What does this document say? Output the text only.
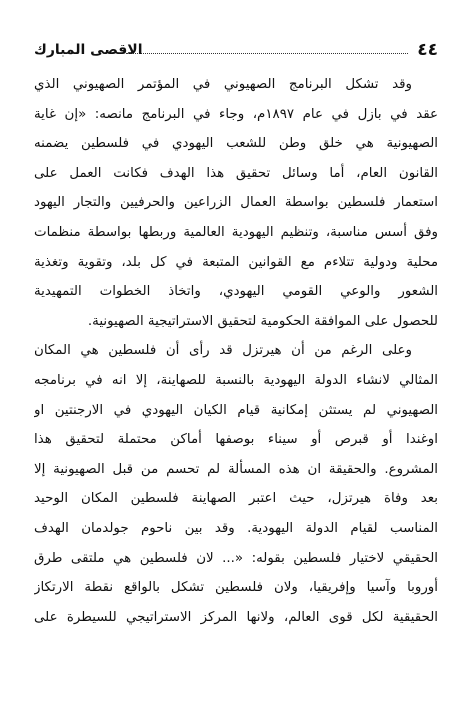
٤٤
الاقصى المبارك
وقد تشكل البرنامج الصهيوني في المؤتمر الصهيوني الذي
عقد في بازل في عام ١٨٩٧م، وجاء في البرنامج مانصه: «إن غاية
الصهيونية هي خلق وطن للشعب اليهودي في فلسطين يضمنه
القانون العام، أما وسائل تحقيق هذا الهدف فكانت العمل على
استعمار فلسطين بواسطة العمال الزراعين والحرفيين والتجار اليهود
وفق أسس مناسبة، وتنظيم اليهودية العالمية وربطها بواسطة منظمات
محلية ودولية تتلاءم مع القوانين المتبعة في كل بلد، وتقوية وتغذية
الشعور والوعي القومي اليهودي، واتخاذ الخطوات التمهيدية
للحصول على الموافقة الحكومية لتحقيق الاستراتيجية الصهيونية.
وعلى الرغم من أن هيرتزل قد رأى أن فلسطين هي المكان
المثالي لانشاء الدولة اليهودية بالنسبة للصهاينة، إلا انه في برنامجه
الصهيوني لم يستثن إمكانية قيام الكيان اليهودي في الارجنتين او
اوغندا أو قبرص أو سيناء بوصفها أماكن محتملة لتحقيق هذا
المشروع. والحقيقة ان هذه المسألة لم تحسم من قبل الصهيونية إلا
بعد وفاة هيرتزل، حيث اعتبر الصهاينة فلسطين المكان الوحيد
المناسب لقيام الدولة اليهودية. وقد بين ناحوم جولدمان الهدف
الحقيقي لاختيار فلسطين بقوله: «... لان فلسطين هي ملتقى طرق
أوروبا وآسيا وإفريقيا، ولان فلسطين تشكل بالواقع نقطة الارتكاز
الحقيقية لكل قوى العالم، ولانها المركز الاستراتيجي للسيطرة على
